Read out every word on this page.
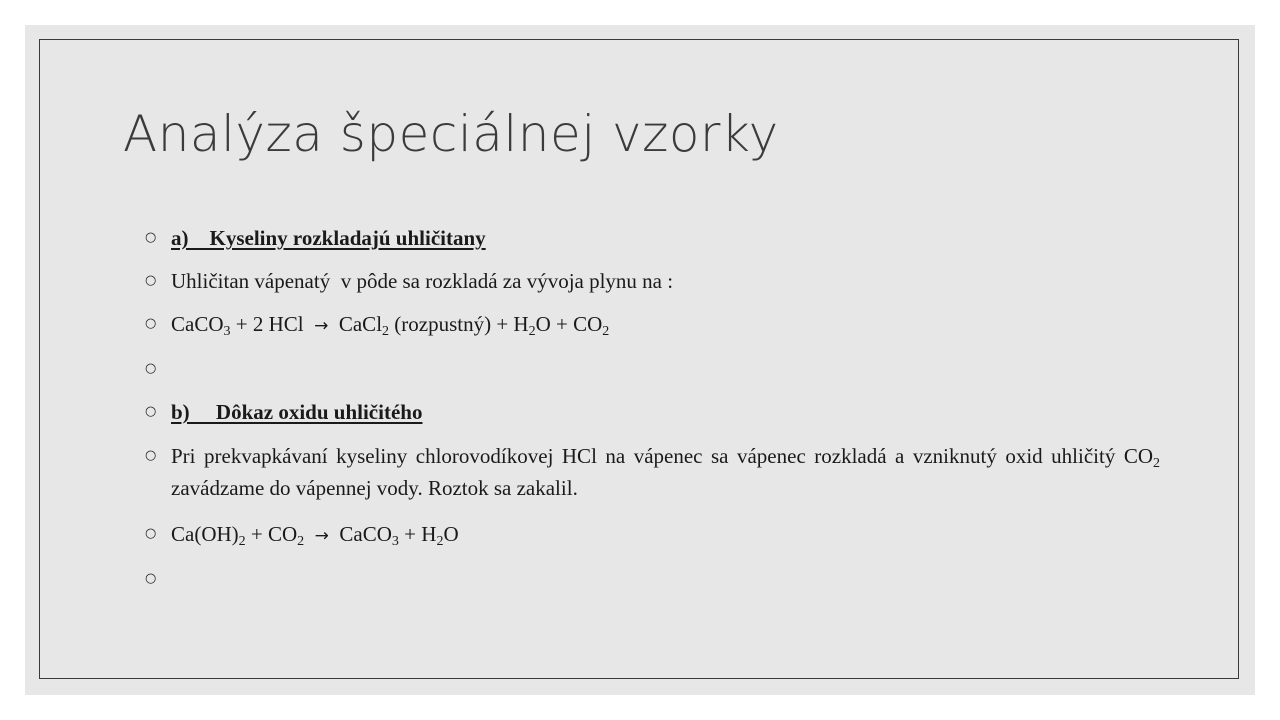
Analýza špeciálnej vzorky
○ a)    Kyseliny rozkladajú uhličitany
○ Uhličitan vápenatý  v pôde sa rozkladá za vývoja plynu na :
○ CaCO$_3$ + 2 HCl  →  CaCl$_2$ (rozpustný) + $H_2O + CO_2$
○
○ b)     Dôkaz oxidu uhličitého
○ Pri prekvapkávaní kyseliny chlorovodíkovej HCl na vápenec sa vápenec rozkladá a vzniknutý oxid uhličitý $CO_2$ zavádzame do vápennej vody. Roztok sa zakalil.
○ $Ca(OH)_2 + CO_2$ →  CaCO$_3$ + $H_2O$
○
